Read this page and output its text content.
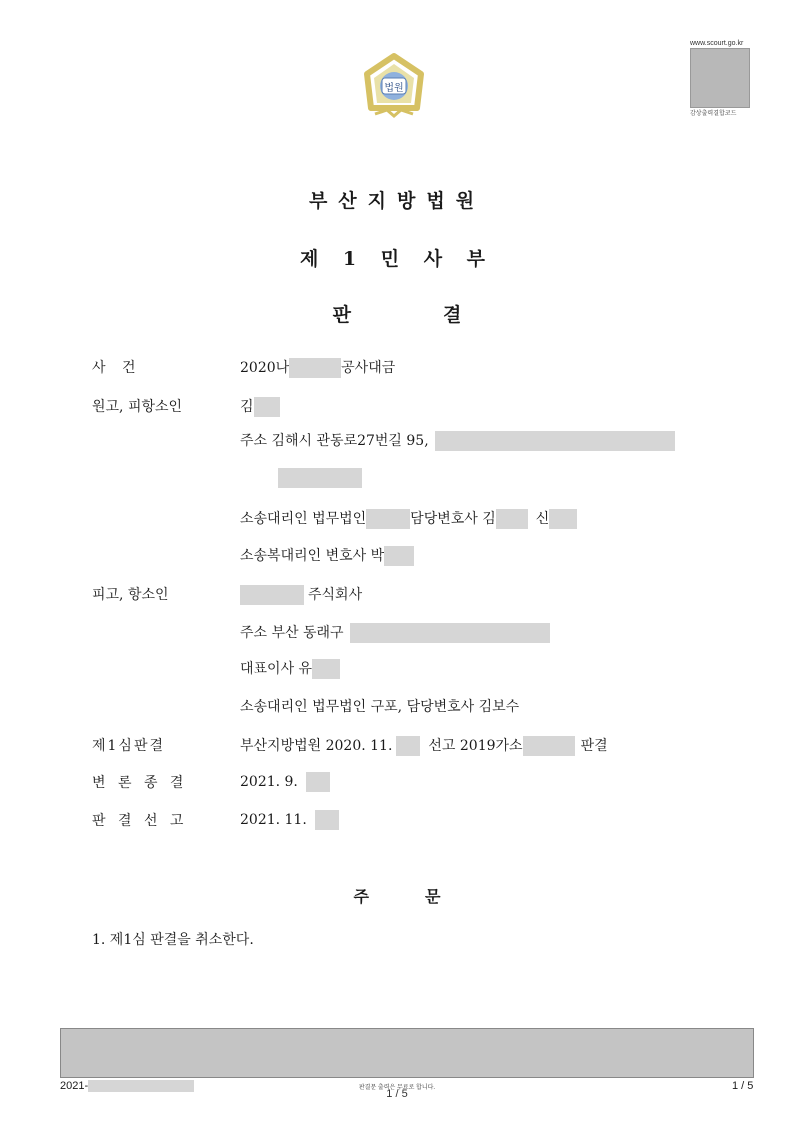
법원
www.scourt.go.kr
감상출력결합코드
부산지방법원
제 1 민 사 부
판	결
사 건	2020나	공사대금
원고, 피항소인	김
주소 김해시 관동로27번길 95,
소송대리인 법무법인	담당변호사 김	신
소송복대리인 변호사 박
피고, 항소인	주식회사
주소 부산 동래구
대표이사 유
소송대리인 법무법인 구포, 담당변호사 김보수
제1심판결	부산지방법원 2020. 11.	선고 2019가소	판결
변 론 종 결	2021. 9.
판 결 선 고	2021. 11.
주	문
1. 제1심 판결을 취소한다.
2021-	판결문 출력은 무료로 합니다.
1 / 5
1 / 5
